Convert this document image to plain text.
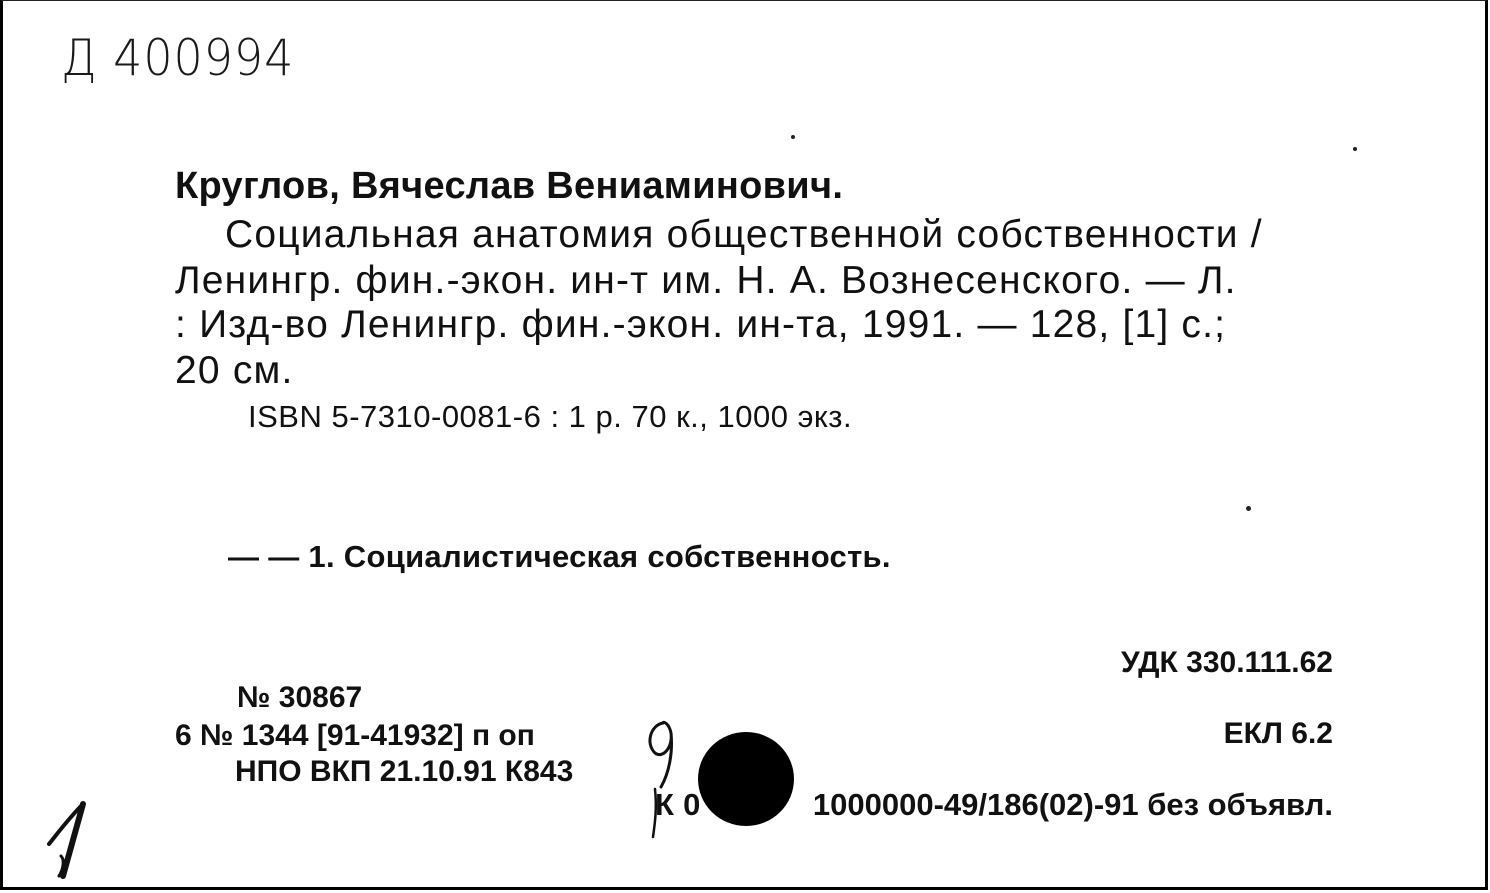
Д 400994
Круглов, Вячеслав Вениаминович.
Социальная анатомия общественной собственности /
Ленингр. фин.-экон. ин-т им. Н. А. Вознесенского. — Л.
: Изд-во Ленингр. фин.-экон. ин-та, 1991. — 128, [1] с.;
20 см.
ISBN 5-7310-0081-6 : 1 р. 70 к., 1000 экз.
— — 1. Социалистическая собственность.
УДК 330.111.62
№ 30867
6 № 1344 [91-41932] п оп	ЕКЛ 6.2
НПО ВКП 21.10.91 К843
К 0	1000000-49/186(02)-91 без объявл.
